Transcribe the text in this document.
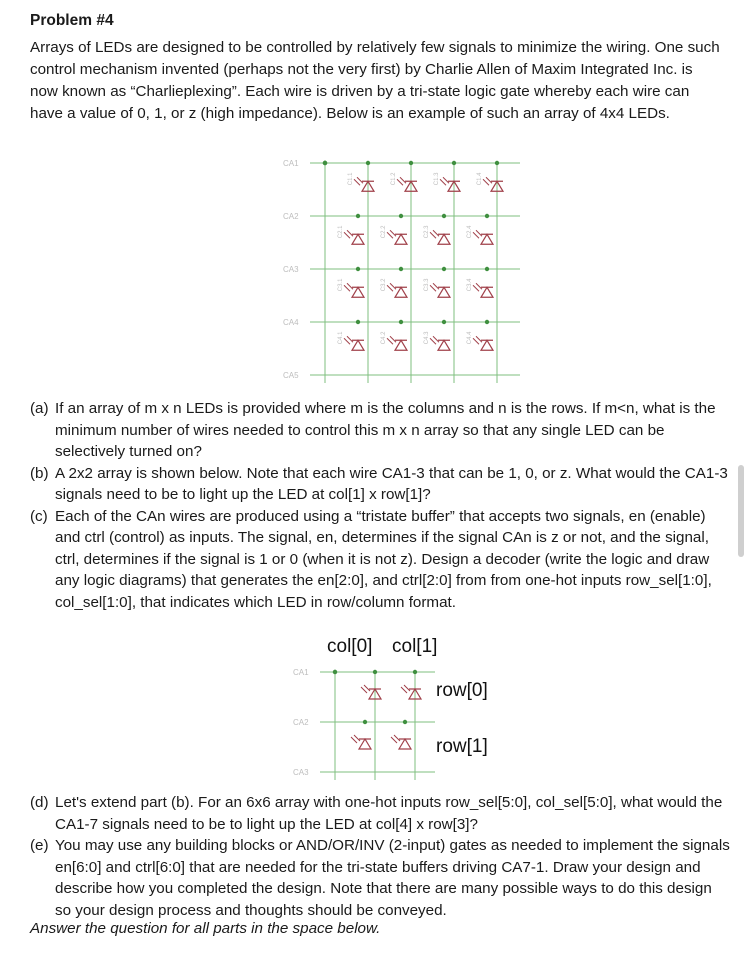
Problem #4
Arrays of LEDs are designed to be controlled by relatively few signals to minimize the wiring. One such control mechanism invented (perhaps not the very first) by Charlie Allen of Maxim Integrated Inc. is now known as “Charlieplexing”. Each wire is driven by a tri-state logic gate whereby each wire can have a value of 0, 1, or z (high impedance). Below is an example of such an array of 4x4 LEDs.
CA1
CA2
CA3
CA4
CA5
C1.1	C1.2	C1.3	C1.4
C2.1	C2.2	C2.3	C2.4
C3.1	C3.2	C3.3	C3.4
C4.1	C4.2	C4.3	C4.4
(a) If an array of m x n LEDs is provided where m is the columns and n is the rows. If m<n, what is the minimum number of wires needed to control this m x n array so that any single LED can be selectively turned on?
(b) A 2x2 array is shown below. Note that each wire CA1-3 that can be 1, 0, or z. What would the CA1-3 signals need to be to light up the LED at col[1] x row[1]?
(c) Each of the CAn wires are produced using a “tristate buffer” that accepts two signals, en (enable) and ctrl (control) as inputs. The signal, en, determines if the signal CAn is z or not, and the signal, ctrl, determines if the signal is 1 or 0 (when it is not z). Design a decoder (write the logic and draw any logic diagrams) that generates the en[2:0], and ctrl[2:0] from from one-hot inputs row_sel[1:0], col_sel[1:0], that indicates which LED in row/column format.
col[0] col[1]
row[0]
row[1]
CA1
CA2
CA3
(d) Let's extend part (b). For an 6x6 array with one-hot inputs row_sel[5:0], col_sel[5:0], what would the CA1-7 signals need to be to light up the LED at col[4] x row[3]?
(e) You may use any building blocks or AND/OR/INV (2-input) gates as needed to implement the signals en[6:0] and ctrl[6:0] that are needed for the tri-state buffers driving CA7-1. Draw your design and describe how you completed the design. Note that there are many possible ways to do this design so your design process and thoughts should be conveyed.
Answer the question for all parts in the space below.
